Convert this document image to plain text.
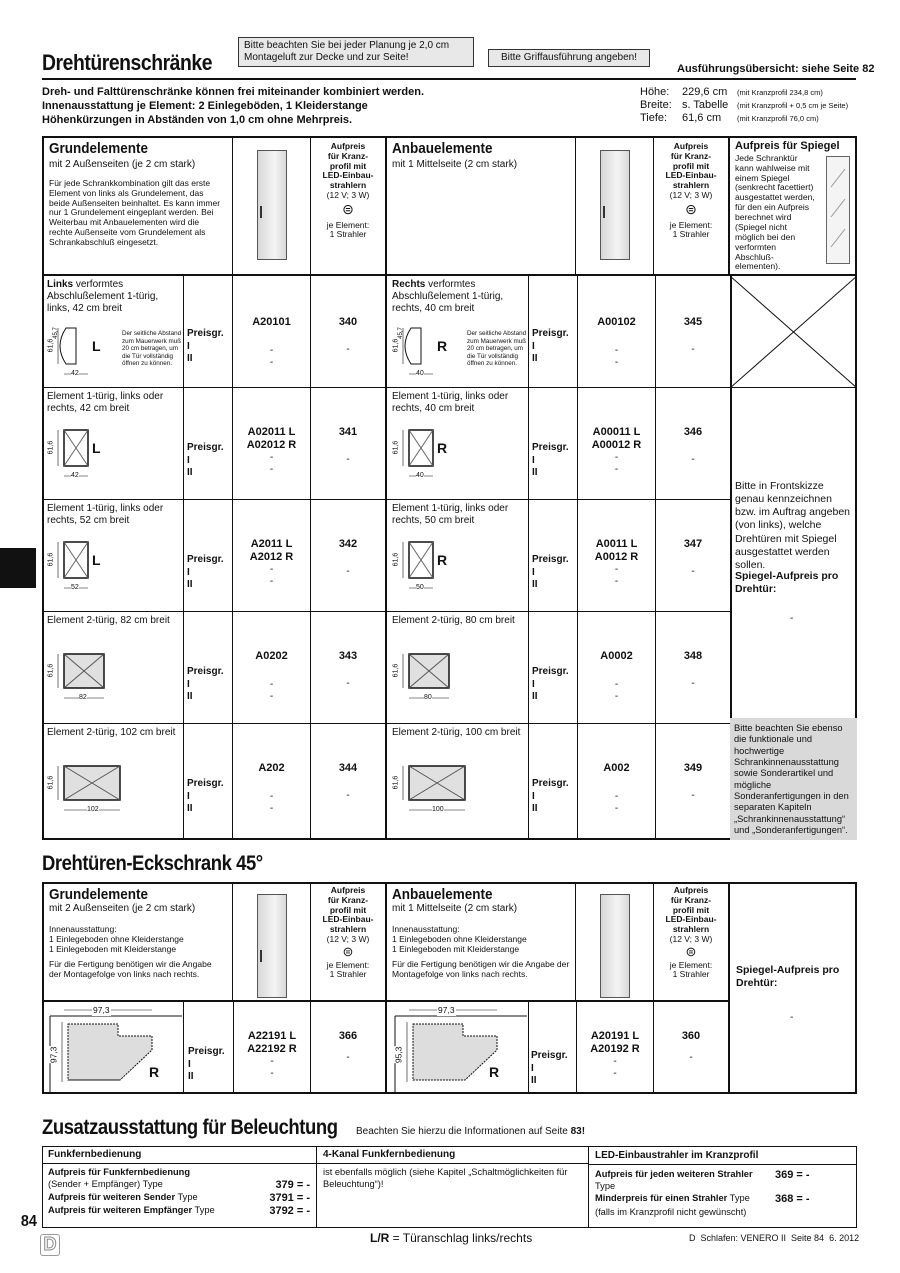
Drehtürenschränke
Bitte beachten Sie bei jeder Planung je 2,0 cm
Montageluft zur Decke und zur Seite!	Bitte Griffausführung angeben!
Ausführungsübersicht: siehe Seite 82
Dreh- und Falttürenschränke können frei miteinander kombiniert werden.
Innenausstattung je Element: 2 Einlegeböden, 1 Kleiderstange
Höhenkürzungen in Abständen von 1,0 cm ohne Mehrpreis.
Höhe:	229,6 cm	(mit Kranzprofil 234,8 cm)
Breite: s. Tabelle	(mit Kranzprofil + 0,5 cm je Seite)
Tiefe:	61,6 cm	(mit Kranzprofil 76,0 cm)
Grundelemente
mit 2 Außenseiten (je 2 cm stark)
Für jede Schrankkombination gilt das erste Element von links als Grundelement, das beide Außenseiten beinhaltet. Es kann immer nur 1 Grundelement eingeplant werden. Bei Weiterbau mit Anbauelementen wird die rechte Außenseite vom Grundelement als Schrankabschluß eingesetzt.
Aufpreis
für Kranz-
profil mit
LED-Einbau-
strahlern
(12 V; 3 W)
⊜
je Element:
1 Strahler
Anbauelemente
mit 1 Mittelseite (2 cm stark)
Aufpreis
für Kranz-
profil mit
LED-Einbau-
strahlern
(12 V; 3 W)
⊜
je Element:
1 Strahler
Aufpreis für Spiegel
Jede Schranktür kann wahlweise mit einem Spiegel (senkrecht facettiert) ausgestattet werden, für den ein Aufpreis berechnet wird (Spiegel nicht möglich bei den verformten Abschluß-elementen).
Links verformtes Abschlußelement 1-türig, links, 42 cm breit
61,6
45,7
42
L
Der seitliche Abstand zum Mauerwerk muß 20 cm betragen, um die Tür vollständig öffnen zu können.
Preisgr.
I
II
A20101
-
-
340
-
Rechts verformtes Abschlußelement 1-türig, rechts, 40 cm breit
61,6
45,7
40
R
Der seitliche Abstand zum Mauerwerk muß 20 cm betragen, um die Tür vollständig öffnen zu können.
Preisgr.
I
II
A00102
-
-
345
-
Element 1-türig, links oder rechts, 42 cm breit
61,6
42
L	Preisgr.
I
II
A02011 L
A02012 R
-
-
341
-
Element 1-türig, links oder rechts, 40 cm breit
61,6
40
R	Preisgr.
I
II
A00011 L
A00012 R
-
-
346
-
Element 1-türig, links oder rechts, 52 cm breit
61,6
52
L	Preisgr.
I
II
A2011 L
A2012 R
-
-
342
-
Element 1-türig, links oder rechts, 50 cm breit
61,6
50
R	Preisgr.
I
II
A0011 L
A0012 R
-
-
347
-
Element 2-türig, 82 cm breit
61,6
82
Preisgr.
I
II
A0202
-
-
343
-
Element 2-türig, 80 cm breit
61,6
80
Preisgr.
I
II
A0002
-
-
348
-
Element 2-türig, 102 cm breit
61,6
102
Preisgr.
I
II
A202
-
-
344
-
Element 2-türig, 100 cm breit
61,6
100
Preisgr.
I
II
A002
-
-
349
-
Bitte in Frontskizze genau kennzeichnen bzw. im Auftrag angeben (von links), welche Drehtüren mit Spiegel ausgestattet werden sollen.
Spiegel-Aufpreis pro Drehtür:
-
Bitte beachten Sie ebenso die funktionale und hochwertige Schrankinnenausstattung sowie Sonderartikel und mögliche Sonderanfertigungen in den separaten Kapiteln „Schrankinnenausstattung“ und „Sonderanfertigungen“.
Drehtüren-Eckschrank 45°
Grundelemente
mit 2 Außenseiten (je 2 cm stark)
Innenausstattung:
1 Einlegeboden ohne Kleiderstange
1 Einlegeboden mit Kleiderstange
Für die Fertigung benötigen wir die Angabe der Montagefolge von links nach rechts.
Aufpreis
für Kranz-
profil mit
LED-Einbau-
strahlern
(12 V; 3 W)
⊜
je Element:
1 Strahler
Anbauelemente
mit 1 Mittelseite (2 cm stark)
Innenausstattung:
1 Einlegeboden ohne Kleiderstange
1 Einlegeboden mit Kleiderstange
Für die Fertigung benötigen wir die Angabe der Montagefolge von links nach rechts.
Aufpreis
für Kranz-
profil mit
LED-Einbau-
strahlern
(12 V; 3 W)
⊜
je Element:
1 Strahler	Spiegel-Aufpreis pro Drehtür:
-
97,3
97,3
R
Preisgr.
I
II
A22191 L
A22192 R
-
-
366
-
97,3
95,3
R
Preisgr.
I
II
A20191 L
A20192 R
-
-
360
-
Zusatzausstattung für Beleuchtung	Beachten Sie hierzu die Informationen auf Seite 83!
Funkfernbedienung
Aufpreis für Funkfernbedienung
(Sender + Empfänger) Type	379 = -
Aufpreis für weiteren Sender Type	3791 = -
Aufpreis für weiteren Empfänger Type	3792 = -
4-Kanal Funkfernbedienung
ist ebenfalls möglich (siehe Kapitel „Schaltmöglichkeiten für Beleuchtung“)!
LED-Einbaustrahler im Kranzprofil
Aufpreis für jeden weiteren Strahler Type
369 = -
Minderpreis für einen Strahler Type	368 = -
(falls im Kranzprofil nicht gewünscht)
84
D	L/R = Türanschlag links/rechts	D  Schlafen: VENERO II  Seite 84  6. 2012
